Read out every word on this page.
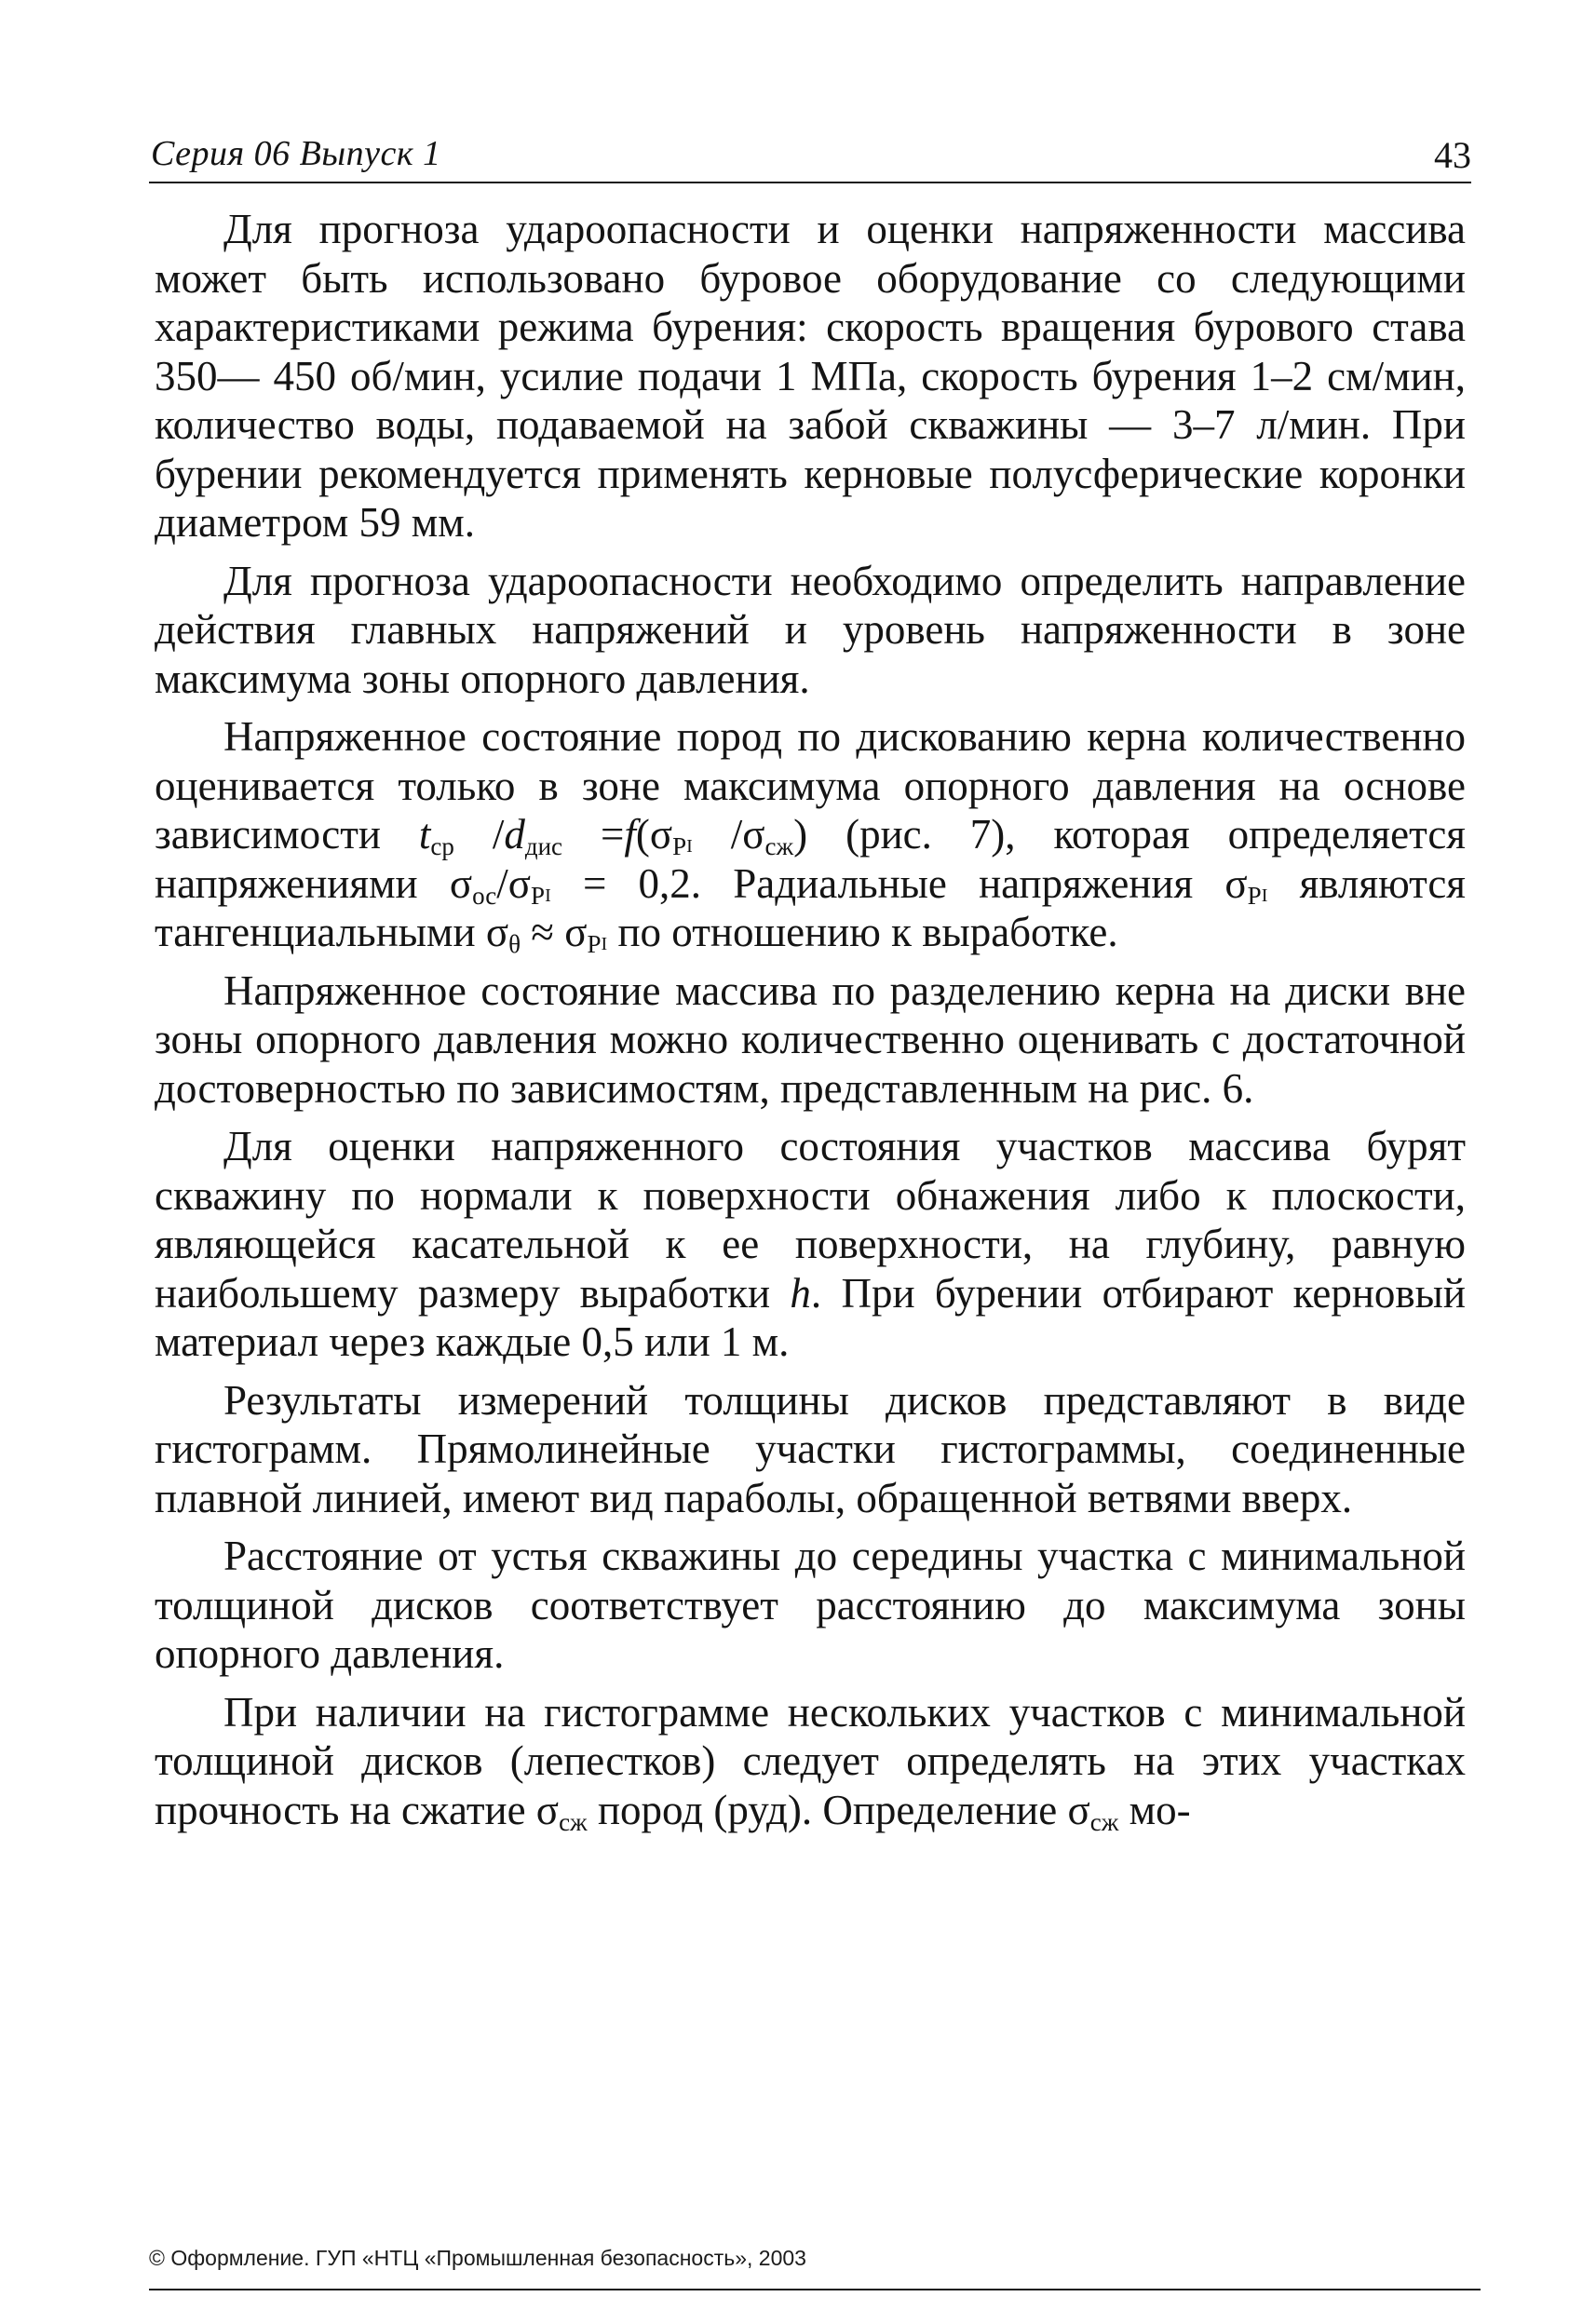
Серия 06 Выпуск 1	43

Для прогноза удароопасности и оценки напряженности массива может быть использовано буровое оборудование со следующими характеристиками режима бурения: скорость вращения бурового става 350— 450 об/мин, усилие подачи 1 МПа, скорость бурения 1–2 см/мин, количество воды, подаваемой на забой скважины — 3–7 л/мин. При бурении рекомендуется применять керновые полусферические коронки диаметром 59 мм.

Для прогноза удароопасности необходимо определить направление действия главных напряжений и уровень напряженности в зоне максимума зоны опорного давления.

Напряженное состояние пород по дискованию керна количественно оценивается только в зоне максимума опорного давления на основе зависимости $t_{ср}$ $/d_{дис} =f(\sigma_PI$ $/\sigma_{сж}$) (рис. 7), которая определяется напряжениями $\sigma_{ос}/\sigma_PI = 0,2$. Радиальные напряжения $\sigma_PI$ являются тангенциальными $\sigma_\theta \approx \sigma_PI$ по отношению к выработке.

Напряженное состояние массива по разделению керна на диски вне зоны опорного давления можно количественно оценивать с достаточной достоверностью по зависимостям, представленным на рис. 6.

Для оценки напряженного состояния участков массива бурят скважину по нормали к поверхности обнажения либо к плоскости, являющейся касательной к ее поверхности, на глубину, равную наибольшему размеру выработки h. При бурении отбирают керновый материал через каждые 0,5 или 1 м.

Результаты измерений толщины дисков представляют в виде гистограмм. Прямолинейные участки гистограммы, соединенные плавной линией, имеют вид параболы, обращенной ветвями вверх.

Расстояние от устья скважины до середины участка с минимальной толщиной дисков соответствует расстоянию до максимума зоны опорного давления.

При наличии на гистограмме нескольких участков с минимальной толщиной дисков (лепестков) следует определять на этих участках прочность на сжатие $\sigma_{сж}$ пород (руд). Определение $\sigma_{сж}$ мо-

© Оформление. ГУП «НТЦ «Промышленная безопасность», 2003
